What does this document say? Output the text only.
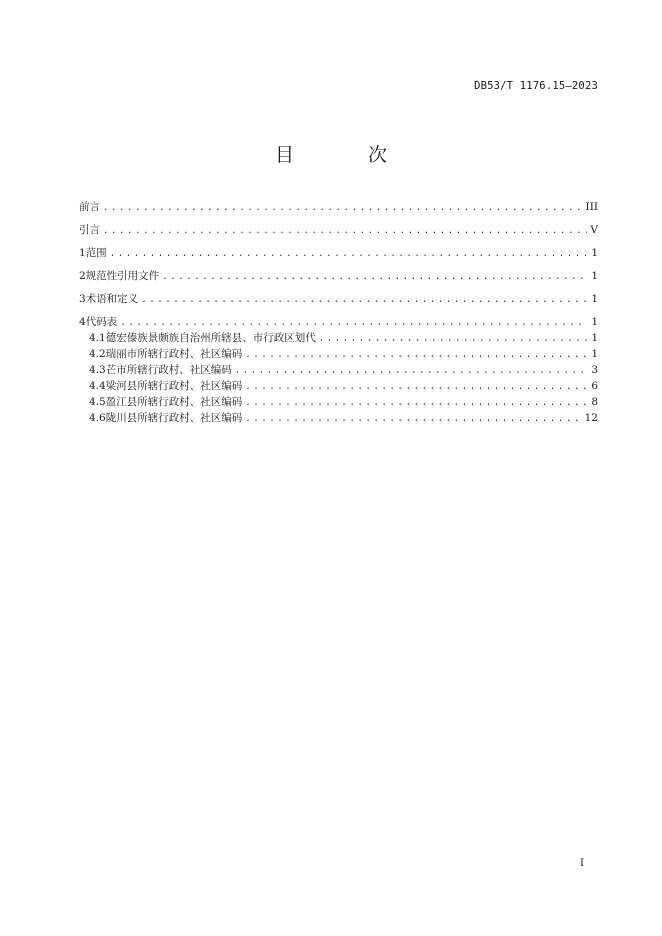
DB53/T 1176.15—2023
目 次
前言 .....	III
引言 .....	V
1 范围 .....	1
2 规范性引用文件 .....	1
3 术语和定义 .....	1
4 代码表 .....	1
4.1 德宏傣族景颇族自治州所辖县、市行政区划代 .....	1
4.2 瑞丽市所辖行政村、社区编码 .....	1
4.3 芒市所辖行政村、社区编码 .....	3
4.4 梁河县所辖行政村、社区编码 .....	6
4.5 盈江县所辖行政村、社区编码 .....	8
4.6 陇川县所辖行政村、社区编码 .....	12
I
